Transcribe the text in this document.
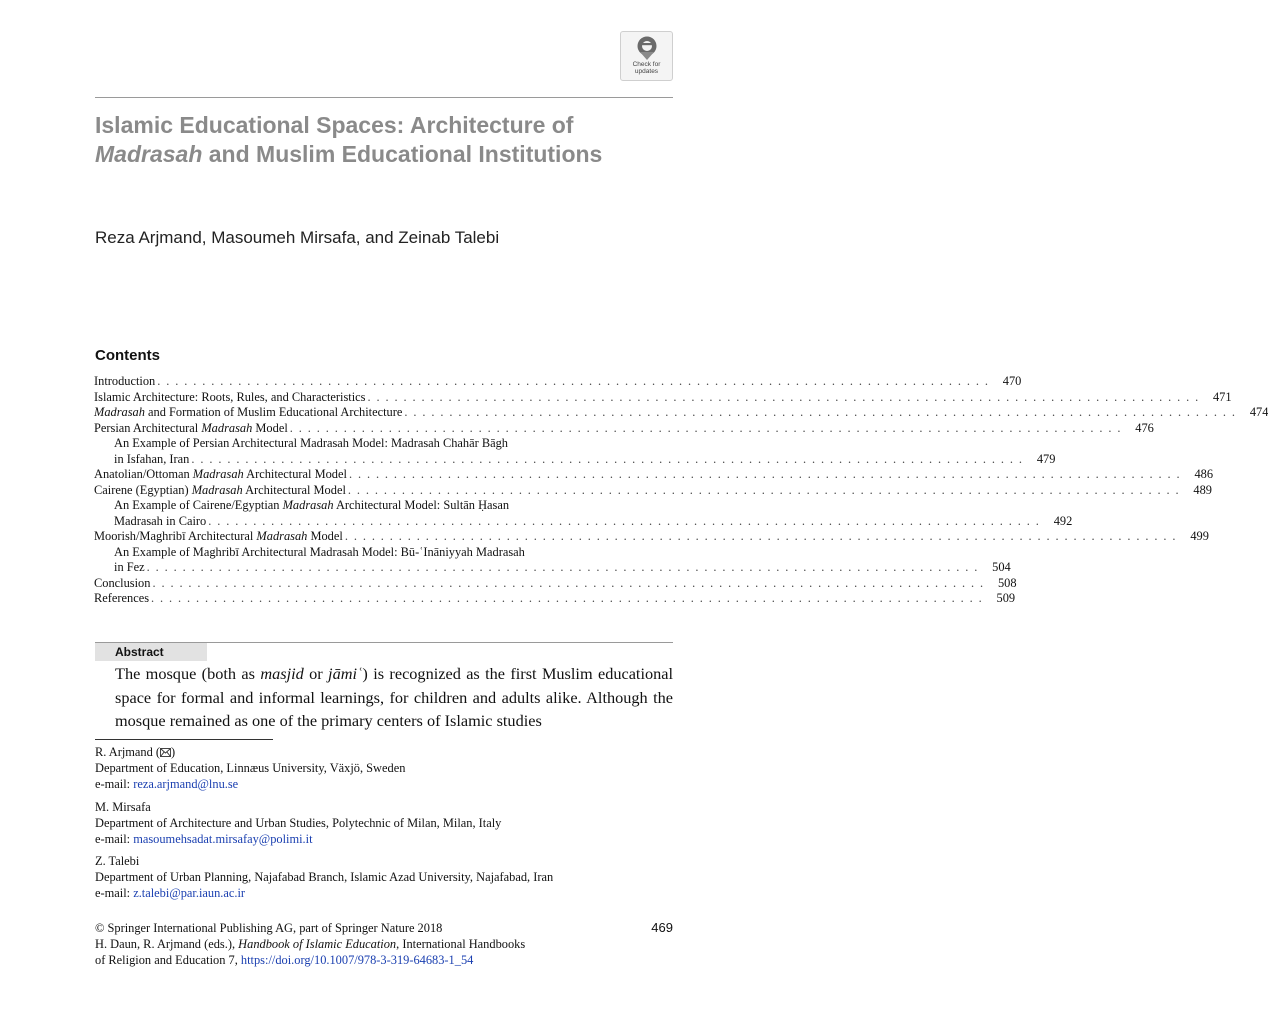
Check for
updates
Islamic Educational Spaces: Architecture of Madrasah and Muslim Educational Institutions

Reza Arjmand, Masoumeh Mirsafa, and Zeinab Talebi

Contents
Introduction . . . . . . . . . . . . . . . . . . . . . . . . . . . . . . . . . . . . . . . . . . . . . . . . . . . . . . . . . . . . . . . . . . . . . . . . . . . . . . . . . . . . . . . . . . . . .	470
Islamic Architecture: Roots, Rules, and Characteristics . . . . . . . . . . . . . . . . . . . . . . . . . . . . . . . . . . . . . . . . . . . . . . . . . . . . . . . . . . . . . . . . . . . . . . . . . . . . . . . . . . . . . . . . . . . . .	471
Madrasah and Formation of Muslim Educational Architecture . . . . . . . . . . . . . . . . . . . . . . . . . . . . . . . . . . . . . . . . . . . . . . . . . . . . . . . . . . . . . . . . . . . . . . . . . . . . . . . . . . . . . . . . . . . . .	474
Persian Architectural Madrasah Model . . . . . . . . . . . . . . . . . . . . . . . . . . . . . . . . . . . . . . . . . . . . . . . . . . . . . . . . . . . . . . . . . . . . . . . . . . . . . . . . . . . . . . . . . . . . .	476
An Example of Persian Architectural Madrasah Model: Madrasah Chahār Bāgh
in Isfahan, Iran . . . . . . . . . . . . . . . . . . . . . . . . . . . . . . . . . . . . . . . . . . . . . . . . . . . . . . . . . . . . . . . . . . . . . . . . . . . . . . . . . . . . . . . . . . . . .	479
Anatolian/Ottoman Madrasah Architectural Model . . . . . . . . . . . . . . . . . . . . . . . . . . . . . . . . . . . . . . . . . . . . . . . . . . . . . . . . . . . . . . . . . . . . . . . . . . . . . . . . . . . . . . . . . . . . .	486
Cairene (Egyptian) Madrasah Architectural Model . . . . . . . . . . . . . . . . . . . . . . . . . . . . . . . . . . . . . . . . . . . . . . . . . . . . . . . . . . . . . . . . . . . . . . . . . . . . . . . . . . . . . . . . . . . . .	489
An Example of Cairene/Egyptian Madrasah Architectural Model: Sultān Ḥasan
Madrasah in Cairo . . . . . . . . . . . . . . . . . . . . . . . . . . . . . . . . . . . . . . . . . . . . . . . . . . . . . . . . . . . . . . . . . . . . . . . . . . . . . . . . . . . . . . . . . . . . .	492
Moorish/Maghribī Architectural Madrasah Model . . . . . . . . . . . . . . . . . . . . . . . . . . . . . . . . . . . . . . . . . . . . . . . . . . . . . . . . . . . . . . . . . . . . . . . . . . . . . . . . . . . . . . . . . . . . .	499
An Example of Maghribī Architectural Madrasah Model: Bū-ʿInāniyyah Madrasah
in Fez . . . . . . . . . . . . . . . . . . . . . . . . . . . . . . . . . . . . . . . . . . . . . . . . . . . . . . . . . . . . . . . . . . . . . . . . . . . . . . . . . . . . . . . . . . . . .	504
Conclusion . . . . . . . . . . . . . . . . . . . . . . . . . . . . . . . . . . . . . . . . . . . . . . . . . . . . . . . . . . . . . . . . . . . . . . . . . . . . . . . . . . . . . . . . . . . . .	508
References . . . . . . . . . . . . . . . . . . . . . . . . . . . . . . . . . . . . . . . . . . . . . . . . . . . . . . . . . . . . . . . . . . . . . . . . . . . . . . . . . . . . . . . . . . . . .	509
Abstract

The mosque (both as masjid or jāmiʿ) is recognized as the first Muslim educational space for formal and informal learnings, for children and adults alike. Although the mosque remained as one of the primary centers of Islamic studies

R. Arjmand ( )
Department of Education, Linnæus University, Växjö, Sweden
e-mail: reza.arjmand@lnu.se

M. Mirsafa
Department of Architecture and Urban Studies, Polytechnic of Milan, Milan, Italy
e-mail: masoumehsadat.mirsafay@polimi.it

Z. Talebi
Department of Urban Planning, Najafabad Branch, Islamic Azad University, Najafabad, Iran
e-mail: z.talebi@par.iaun.ac.ir

© Springer International Publishing AG, part of Springer Nature 2018
H. Daun, R. Arjmand (eds.), Handbook of Islamic Education, International Handbooks
of Religion and Education 7, https://doi.org/10.1007/978-3-319-64683-1_54

469
